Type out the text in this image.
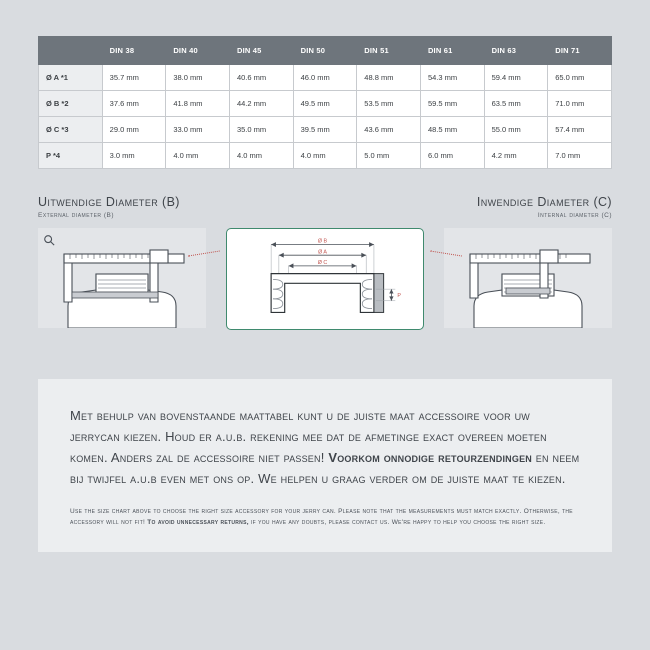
	DIN 38	DIN 40	DIN 45	DIN 50	DIN 51	DIN 61	DIN 63	DIN 71
Ø A *1	35.7 mm	38.0 mm	40.6 mm	46.0 mm	48.8 mm	54.3 mm	59.4 mm	65.0 mm
Ø B *2	37.6 mm	41.8 mm	44.2 mm	49.5 mm	53.5 mm	59.5 mm	63.5 mm	71.0 mm
Ø C *3	29.0 mm	33.0 mm	35.0 mm	39.5 mm	43.6 mm	48.5 mm	55.0 mm	57.4 mm
P *4	3.0 mm	4.0 mm	4.0 mm	4.0 mm	5.0 mm	6.0 mm	4.2 mm	7.0 mm
Uitwendige Diameter (B)
External diameter (B)
Inwendige Diameter (C)
Internal diameter (C)
Ø B
Ø A
Ø C
P

Met behulp van bovenstaande maattabel kunt u de juiste maat accessoire voor uw jerrycan kiezen. Houd er a.u.b. rekening mee dat de afmetinge exact overeen moeten komen. Anders zal de accessoire niet passen! Voorkom onnodige retourzendingen en neem bij twijfel a.u.b even met ons op. We helpen u graag verder om de juiste maat te kiezen.

Use the size chart above to choose the right size accessory for your jerry can. Please note that the measurements must match exactly. Otherwise, the accessory will not fit! To avoid unnecessary returns, if you have any doubts, please contact us. We're happy to help you choose the right size.
